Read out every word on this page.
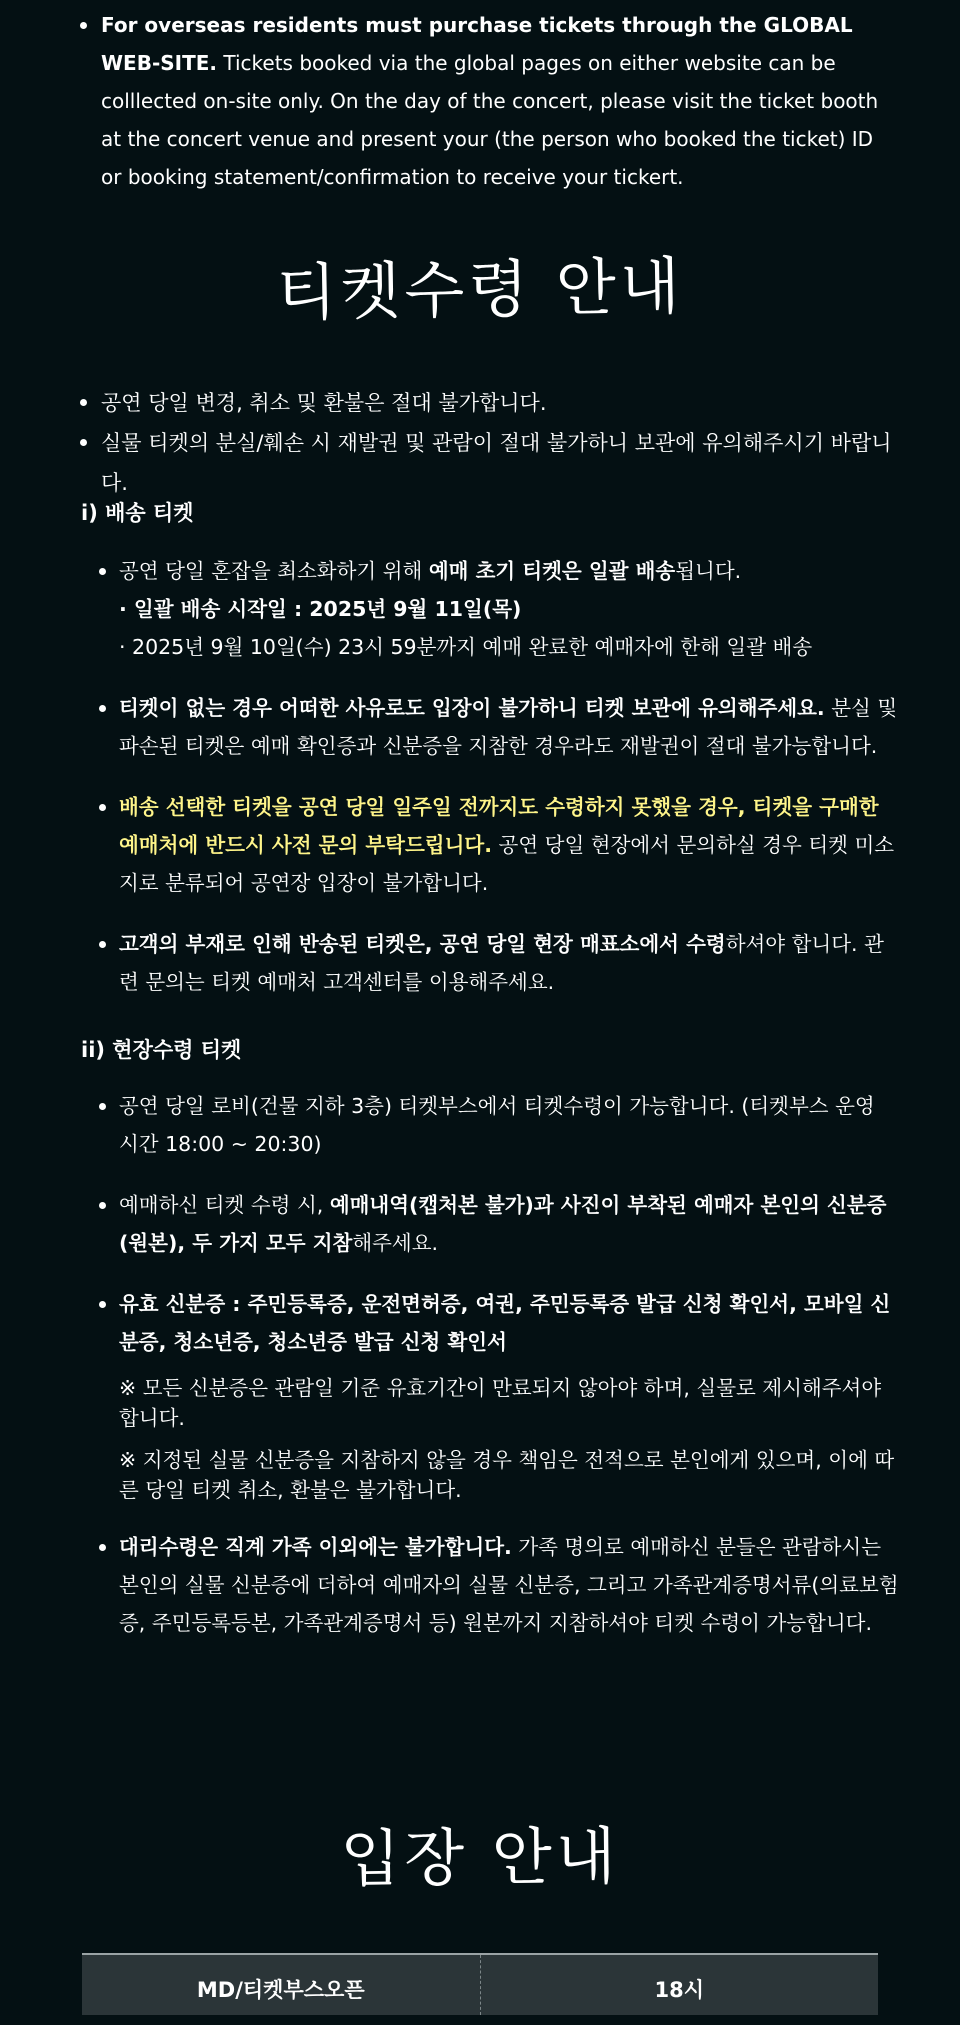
For overseas residents must purchase tickets through the GLOBAL WEB-SITE. Tickets booked via the global pages on either website can be colllected on-site only. On the day of the concert, please visit the ticket booth at the concert venue and present your (the person who booked the ticket) ID or booking statement/confirmation to receive your tickert.
티켓수령 안내
공연 당일 변경, 취소 및 환불은 절대 불가합니다.
실물 티켓의 분실/훼손 시 재발권 및 관람이 절대 불가하니 보관에 유의해주시기 바랍니다.
i) 배송 티켓
공연 당일 혼잡을 최소화하기 위해 예매 초기 티켓은 일괄 배송됩니다.
· 일괄 배송 시작일 : 2025년 9월 11일(목)
· 2025년 9월 10일(수) 23시 59분까지 예매 완료한 예매자에 한해 일괄 배송
티켓이 없는 경우 어떠한 사유로도 입장이 불가하니 티켓 보관에 유의해주세요. 분실 및 파손된 티켓은 예매 확인증과 신분증을 지참한 경우라도 재발권이 절대 불가능합니다.
배송 선택한 티켓을 공연 당일 일주일 전까지도 수령하지 못했을 경우, 티켓을 구매한 예매처에 반드시 사전 문의 부탁드립니다. 공연 당일 현장에서 문의하실 경우 티켓 미소지로 분류되어 공연장 입장이 불가합니다.
고객의 부재로 인해 반송된 티켓은, 공연 당일 현장 매표소에서 수령하셔야 합니다. 관련 문의는 티켓 예매처 고객센터를 이용해주세요.
ii) 현장수령 티켓
공연 당일 로비(건물 지하 3층) 티켓부스에서 티켓수령이 가능합니다. (티켓부스 운영 시간 18:00 ~ 20:30)
예매하신 티켓 수령 시, 예매내역(캡처본 불가)과 사진이 부착된 예매자 본인의 신분증(원본), 두 가지 모두 지참해주세요.
유효 신분증 : 주민등록증, 운전면허증, 여권, 주민등록증 발급 신청 확인서, 모바일 신분증, 청소년증, 청소년증 발급 신청 확인서
※ 모든 신분증은 관람일 기준 유효기간이 만료되지 않아야 하며, 실물로 제시해주셔야 합니다.
※ 지정된 실물 신분증을 지참하지 않을 경우 책임은 전적으로 본인에게 있으며, 이에 따른 당일 티켓 취소, 환불은 불가합니다.
대리수령은 직계 가족 이외에는 불가합니다. 가족 명의로 예매하신 분들은 관람하시는 본인의 실물 신분증에 더하여 예매자의 실물 신분증, 그리고 가족관계증명서류(의료보험증, 주민등록등본, 가족관계증명서 등) 원본까지 지참하셔야 티켓 수령이 가능합니다.
입장 안내
MD/티켓부스오픈	18시
